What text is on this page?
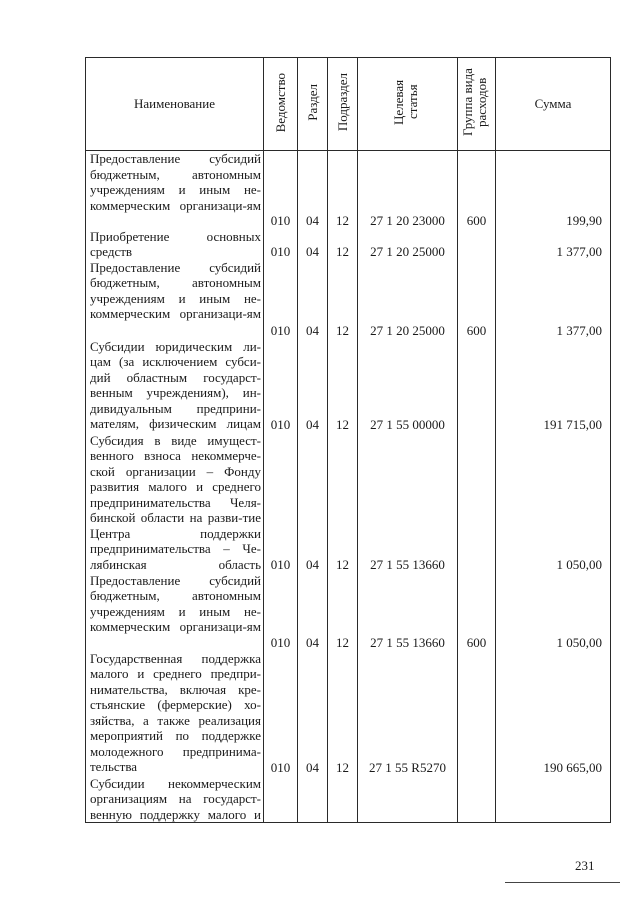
Наименование	Ведомство	Раздел	Подраздел	Целевая статья	Группа вида расходов	Сумма
Предоставление субсидий бюджетным, автономным учреждениям и иным не-коммерческим организаци-ям	010	04	12	27 1 20 23000	600	199,90
Приобретение основных средств	010	04	12	27 1 20 25000		1 377,00
Предоставление субсидий бюджетным, автономным учреждениям и иным не-коммерческим организаци-ям	010	04	12	27 1 20 25000	600	1 377,00
Субсидии юридическим ли-цам (за исключением субси-дий областным государст-венным учреждениям), ин-дивидуальным предприни-мателям, физическим лицам	010	04	12	27 1 55 00000		191 715,00
Субсидия в виде имущест-венного взноса некоммерче-ской организации – Фонду развития малого и среднего предпринимательства Челя-бинской области на разви-тие Центра поддержки предпринимательства – Че-лябинская область	010	04	12	27 1 55 13660		1 050,00
Предоставление субсидий бюджетным, автономным учреждениям и иным не-коммерческим организаци-ям	010	04	12	27 1 55 13660	600	1 050,00
Государственная поддержка малого и среднего предпри-нимательства, включая кре-стьянские (фермерские) хо-зяйства, а также реализация мероприятий по поддержке молодежного предпринима-тельства	010	04	12	27 1 55 R5270		190 665,00
Субсидии некоммерческим организациям на государст-венную поддержку малого и						
231
